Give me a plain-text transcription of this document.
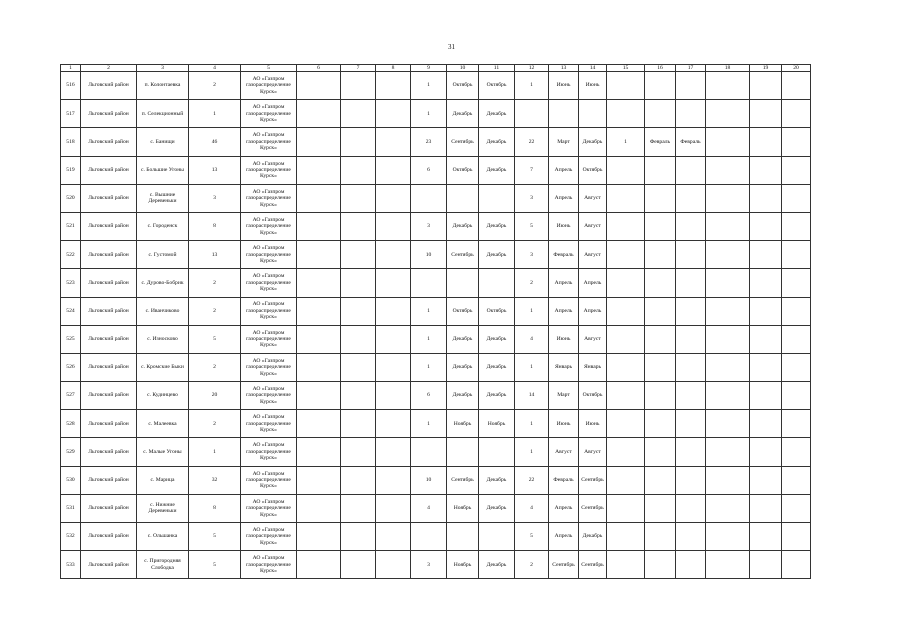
31
1	2	3	4	5	6	7	8	9	10	11	12	13	14	15	16	17	18	19	20
516	Льговский район	п. Колонтаевка	2	АО «Газпром газораспределение Курск»				1	Октябрь	Октябрь	1	Июнь	Июнь						
517	Льговский район	п. Селекционный	1	АО «Газпром газораспределение Курск»				1	Декабрь	Декабрь									
518	Льговский район	с. Банищи	46	АО «Газпром газораспределение Курск»				23	Сентябрь	Декабрь	22	Март	Декабрь	1	Февраль	Февраль			
519	Льговский район	с. Большие Угоны	13	АО «Газпром газораспределение Курск»				6	Октябрь	Декабрь	7	Апрель	Октябрь						
520	Льговский район	с. Вышние Деревеньки	3	АО «Газпром газораспределение Курск»							3	Апрель	Август						
521	Льговский район	с. Городенск	8	АО «Газпром газораспределение Курск»				3	Декабрь	Декабрь	5	Июнь	Август						
522	Льговский район	с. Густомой	13	АО «Газпром газораспределение Курск»				10	Сентябрь	Декабрь	3	Февраль	Август						
523	Льговский район	с. Дурово-Бобрик	2	АО «Газпром газораспределение Курск»							2	Апрель	Апрель						
524	Льговский район	с. Иванчиково	2	АО «Газпром газораспределение Курск»				1	Октябрь	Октябрь	1	Апрель	Апрель						
525	Льговский район	с. Износково	5	АО «Газпром газораспределение Курск»				1	Декабрь	Декабрь	4	Июнь	Август						
526	Льговский район	с. Кромские Быки	2	АО «Газпром газораспределение Курск»				1	Декабрь	Декабрь	1	Январь	Январь						
527	Льговский район	с. Кудинцево	20	АО «Газпром газораспределение Курск»				6	Декабрь	Декабрь	14	Март	Октябрь						
528	Льговский район	с. Малеевка	2	АО «Газпром газораспределение Курск»				1	Ноябрь	Ноябрь	1	Июнь	Июнь						
529	Льговский район	с. Малые Угоны	1	АО «Газпром газораспределение Курск»							1	Август	Август						
530	Льговский район	с. Марица	32	АО «Газпром газораспределение Курск»				10	Сентябрь	Декабрь	22	Февраль	Сентябрь						
531	Льговский район	с. Нижние Деревеньки	8	АО «Газпром газораспределение Курск»				4	Ноябрь	Декабрь	4	Апрель	Сентябрь						
532	Льговский район	с. Ольшанка	5	АО «Газпром газораспределение Курск»							5	Апрель	Декабрь						
533	Льговский район	с. Пригородняя Слободка	5	АО «Газпром газораспределение Курск»				3	Ноябрь	Декабрь	2	Сентябрь	Сентябрь						
